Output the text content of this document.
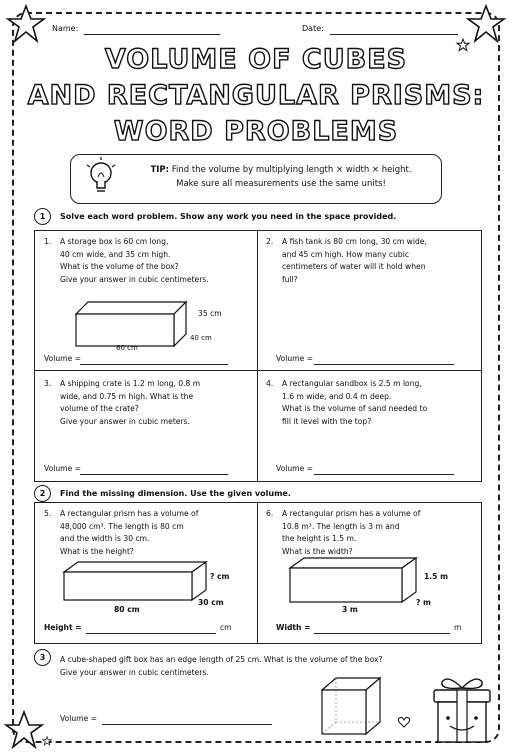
Name:	Date:
VOLUME OF CUBES
AND RECTANGULAR PRISMS:
WORD PROBLEMS
TIP: Find the volume by multiplying length × width × height.
Make sure all measurements use the same units!
1	Solve each word problem. Show any work you need in the space provided.
1. A storage box is 60 cm long,
40 cm wide, and 35 cm high.
What is the volume of the box?
Give your answer in cubic centimeters.
35 cm
40 cm
60 cm
Volume =
2. A fish tank is 80 cm long, 30 cm wide,
and 45 cm high. How many cubic
centimeters of water will it hold when
full?
Volume =
3. A shipping crate is 1.2 m long, 0.8 m
wide, and 0.75 m high. What is the
volume of the crate?
Give your answer in cubic meters.
Volume =
4. A rectangular sandbox is 2.5 m long,
1.6 m wide, and 0.4 m deep.
What is the volume of sand needed to
fill it level with the top?
Volume =
2	Find the missing dimension. Use the given volume.
5. A rectangular prism has a volume of
48,000 cm³. The length is 80 cm
and the width is 30 cm.
What is the height?
? cm
30 cm
80 cm
Height =	cm
6. A rectangular prism has a volume of
10.8 m³. The length is 3 m and
the height is 1.5 m.
What is the width?
1.5 m
? m
3 m
Width =	m
3	A cube-shaped gift box has an edge length of 25 cm. What is the volume of the box?
Give your answer in cubic centimeters.
Volume =
